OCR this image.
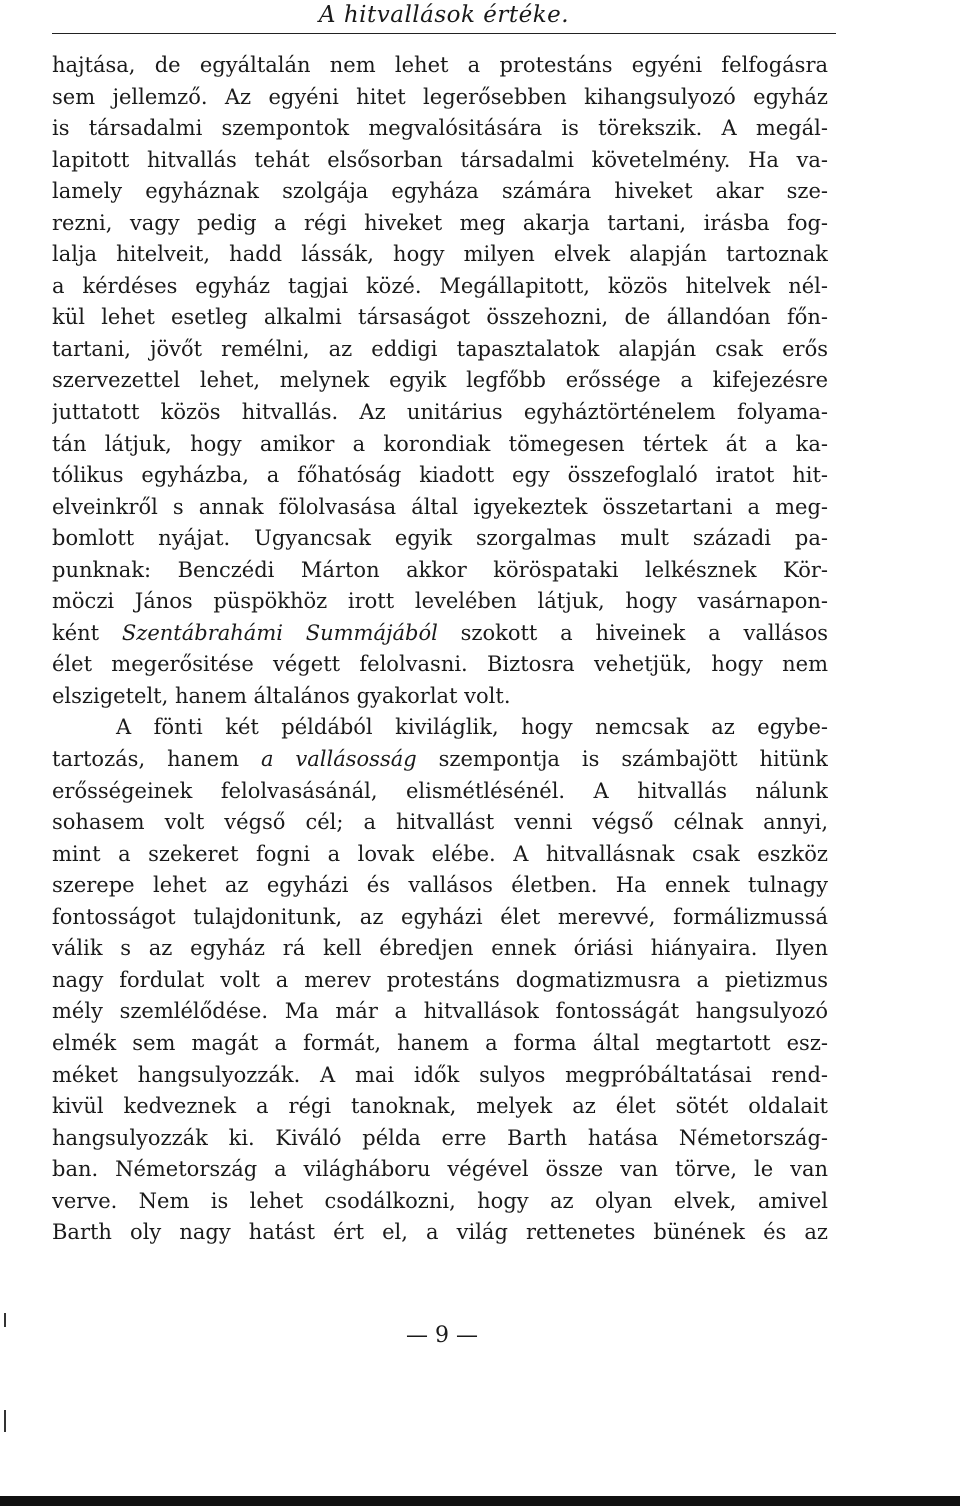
A hitvallások értéke.
hajtása, de egyáltalán nem lehet a protestáns egyéni felfogásra
sem jellemző. Az egyéni hitet legerősebben kihangsulyozó egyház
is társadalmi szempontok megvalósitására is törekszik. A megál-
lapitott hitvallás tehát elsősorban társadalmi követelmény. Ha va-
lamely egyháznak szolgája egyháza számára hiveket akar sze-
rezni, vagy pedig a régi hiveket meg akarja tartani, irásba fog-
lalja hitelveit, hadd lássák, hogy milyen elvek alapján tartoznak
a kérdéses egyház tagjai közé. Megállapitott, közös hitelvek nél-
kül lehet esetleg alkalmi társaságot összehozni, de állandóan főn-
tartani, jövőt remélni, az eddigi tapasztalatok alapján csak erős
szervezettel lehet, melynek egyik legfőbb erőssége a kifejezésre
juttatott közös hitvallás. Az unitárius egyháztörténelem folyama-
tán látjuk, hogy amikor a korondiak tömegesen tértek át a ka-
tólikus egyházba, a főhatóság kiadott egy összefoglaló iratot hit-
elveinkről s annak fölolvasása által igyekeztek összetartani a meg-
bomlott nyájat. Ugyancsak egyik szorgalmas mult századi pa-
punknak: Benczédi Márton akkor köröspataki lelkésznek Kör-
möczi János püspökhöz irott levelében látjuk, hogy vasárnapon-
ként Szentábrahámi Summájából szokott a hiveinek a vallásos
élet megerősitése végett felolvasni. Biztosra vehetjük, hogy nem
elszigetelt, hanem általános gyakorlat volt.
A fönti két példából kiviláglik, hogy nemcsak az egybe-
tartozás, hanem a vallásosság szempontja is számbajött hitünk
erősségeinek felolvasásánál, elismétlésénél. A hitvallás nálunk
sohasem volt végső cél; a hitvallást venni végső célnak annyi,
mint a szekeret fogni a lovak elébe. A hitvallásnak csak eszköz
szerepe lehet az egyházi és vallásos életben. Ha ennek tulnagy
fontosságot tulajdonitunk, az egyházi élet merevvé, formálizmussá
válik s az egyház rá kell ébredjen ennek óriási hiányaira. Ilyen
nagy fordulat volt a merev protestáns dogmatizmusra a pietizmus
mély szemlélődése. Ma már a hitvallások fontosságát hangsulyozó
elmék sem magát a formát, hanem a forma által megtartott esz-
méket hangsulyozzák. A mai idők sulyos megpróbáltatásai rend-
kivül kedveznek a régi tanoknak, melyek az élet sötét oldalait
hangsulyozzák ki. Kiváló példa erre Barth hatása Németország-
ban. Németország a világháboru végével össze van törve, le van
verve. Nem is lehet csodálkozni, hogy az olyan elvek, amivel
Barth oly nagy hatást ért el, a világ rettenetes bünének és az
— 9 —
